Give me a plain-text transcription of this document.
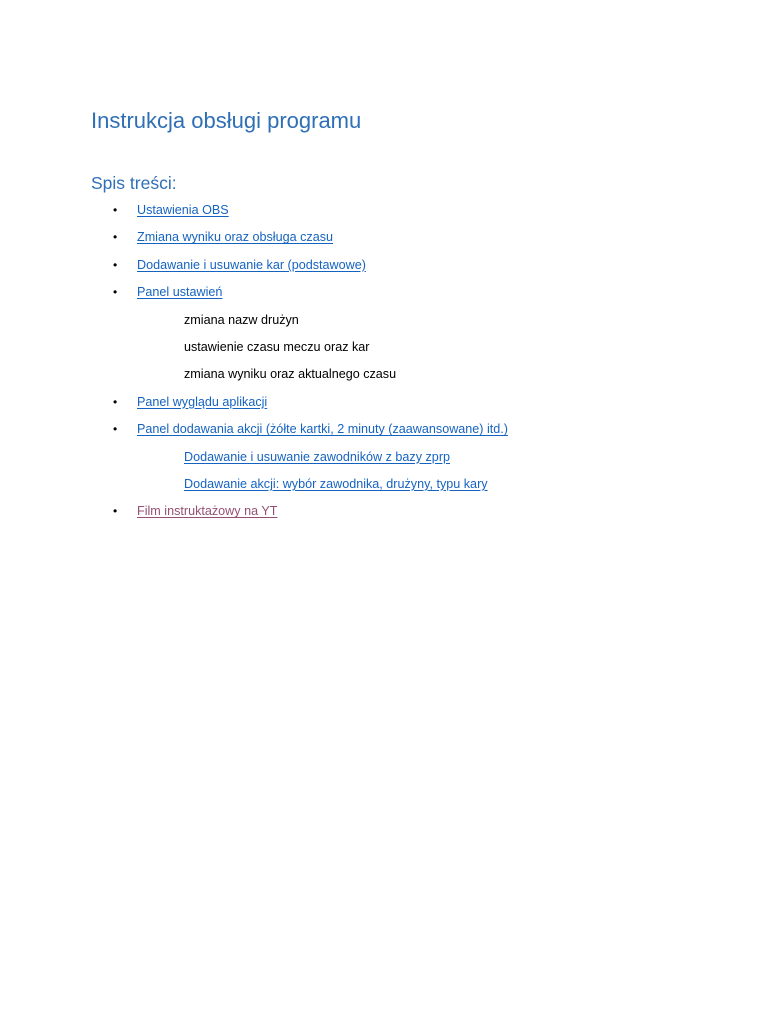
Instrukcja obsługi programu
Spis treści:
• Ustawienia OBS
• Zmiana wyniku oraz obsługa czasu
• Dodawanie i usuwanie kar (podstawowe)
• Panel ustawień
zmiana nazw drużyn
ustawienie czasu meczu oraz kar
zmiana wyniku oraz aktualnego czasu
• Panel wyglądu aplikacji
• Panel dodawania akcji (żółte kartki, 2 minuty (zaawansowane) itd.)
Dodawanie i usuwanie zawodników z bazy zprp
Dodawanie akcji: wybór zawodnika, drużyny, typu kary
• Film instruktażowy na YT
